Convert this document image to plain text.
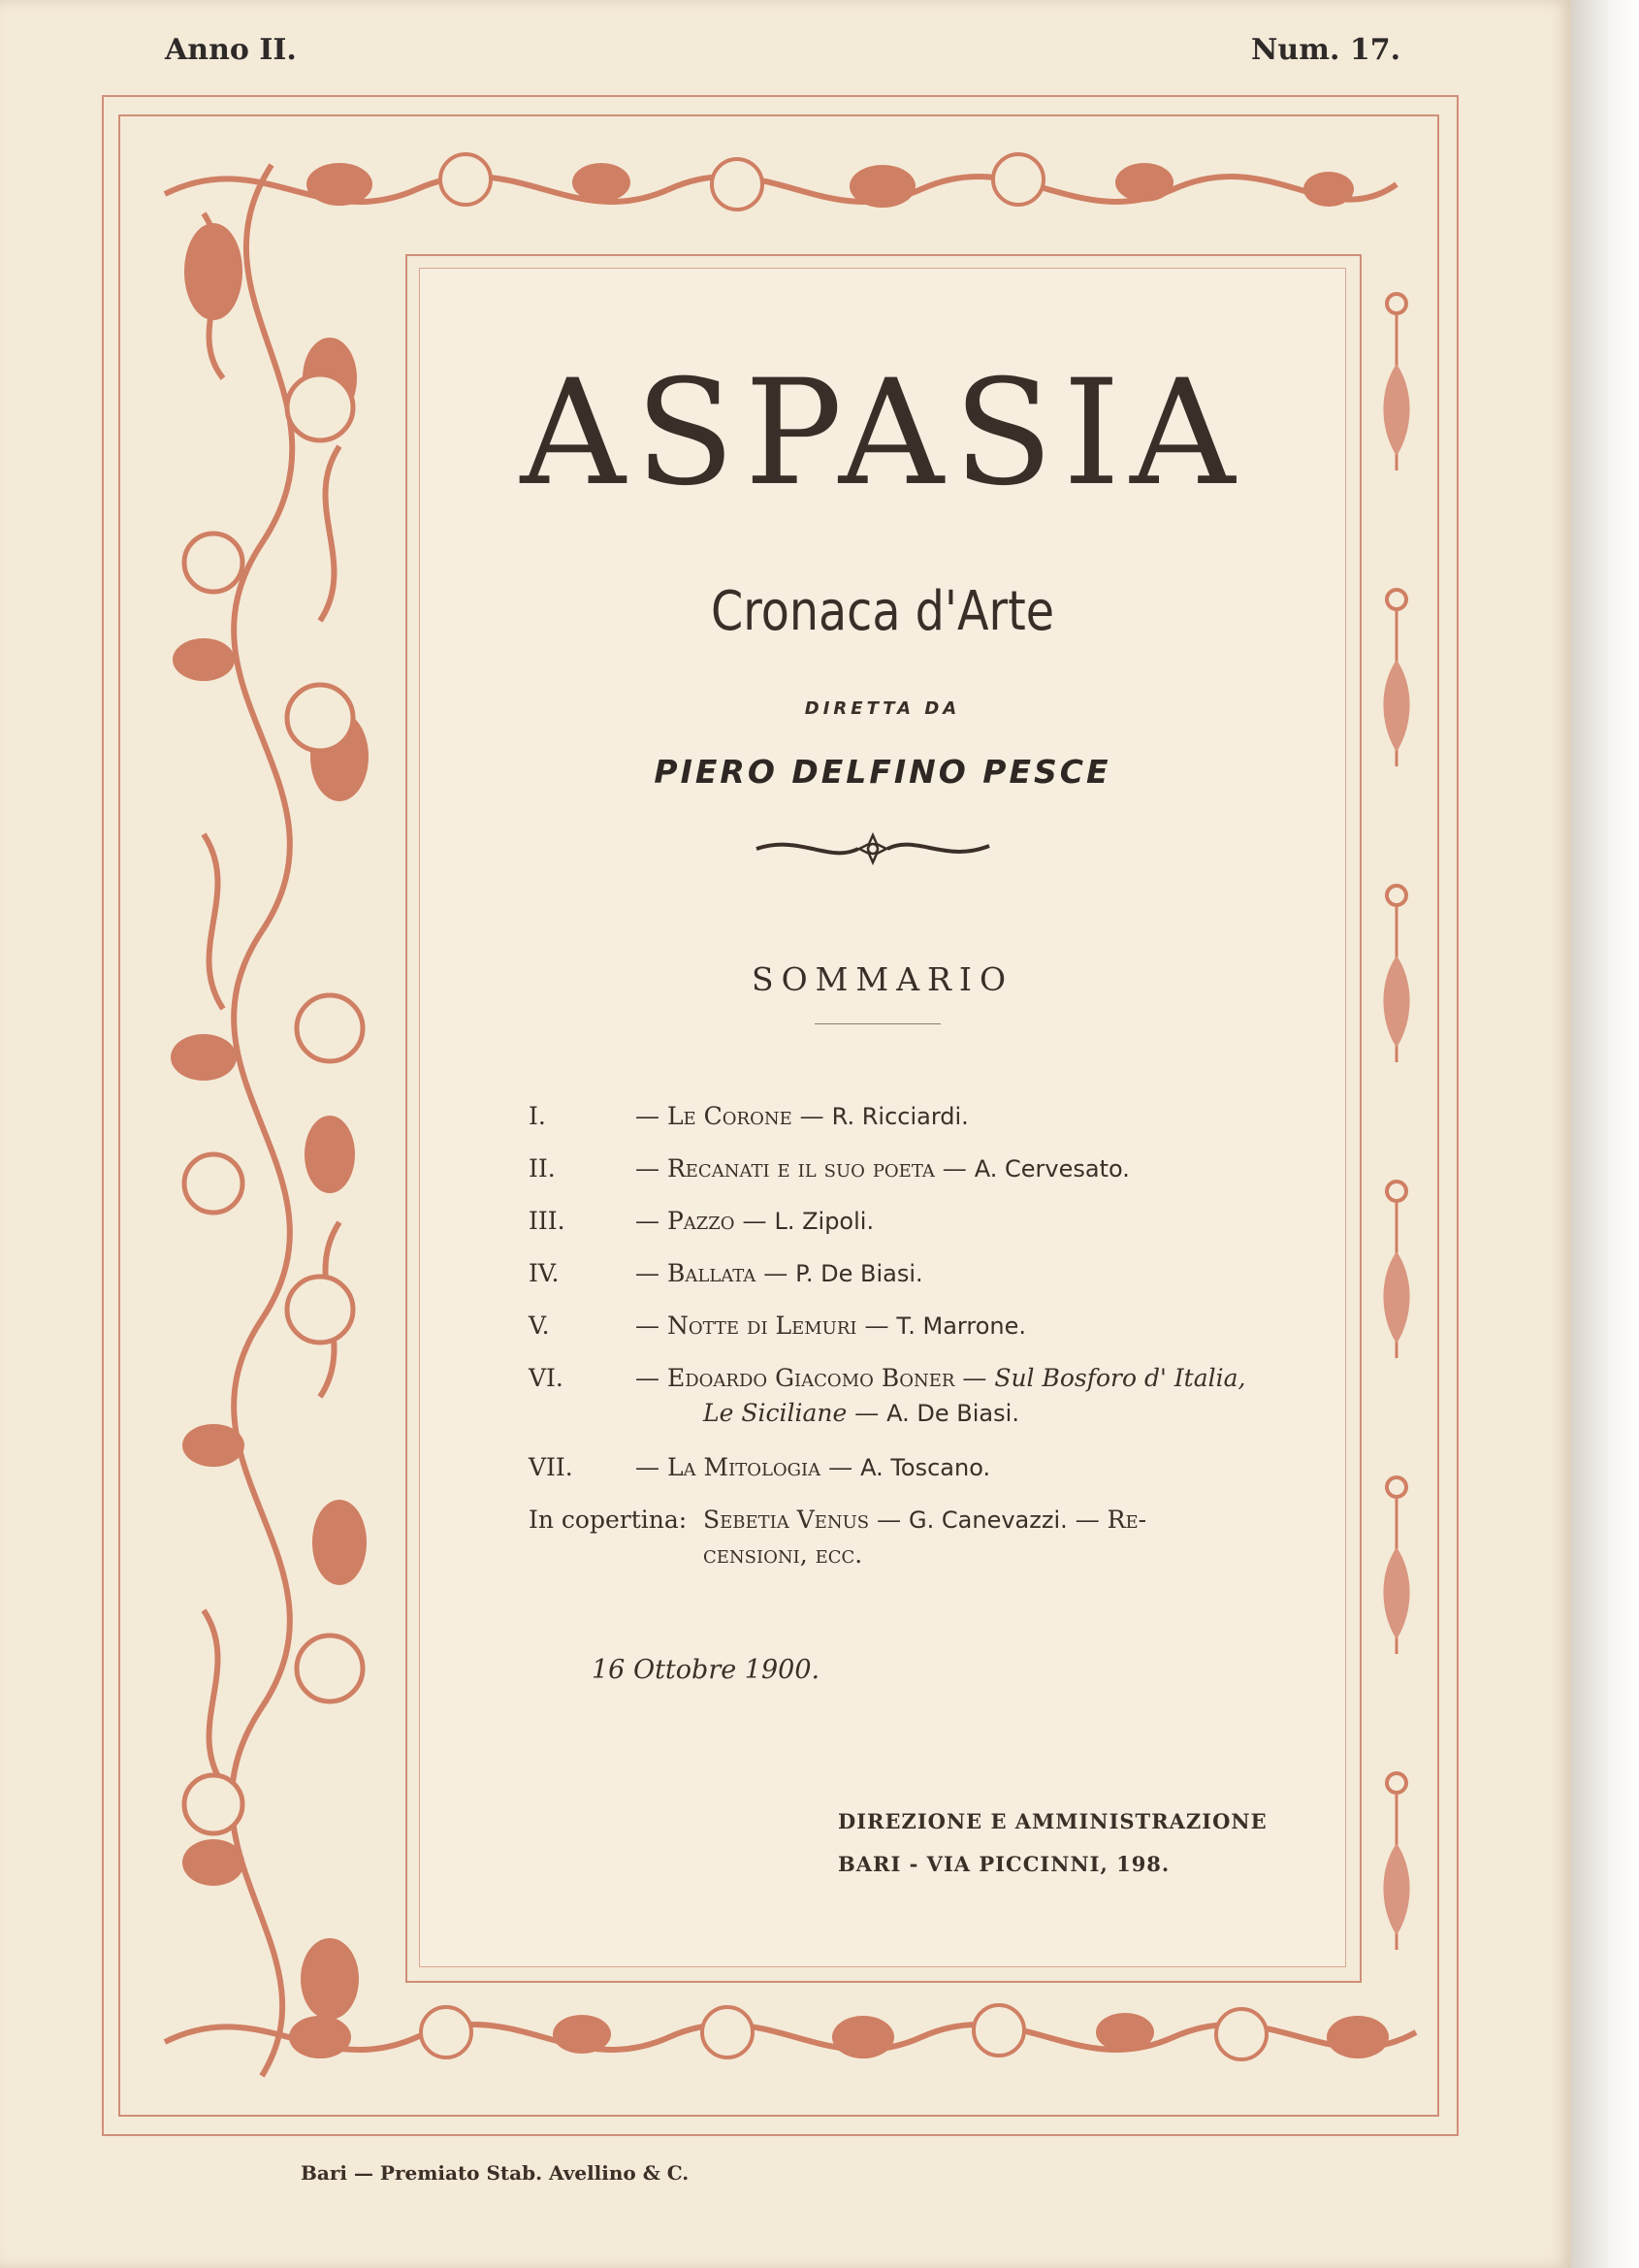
Anno II.	Num. 17.
ASPASIA
Cronaca d'Arte
DIRETTA DA
PIERO DELFINO PESCE
SOMMARIO
I.	— Le Corone — R. Ricciardi.
II.	— Recanati e il suo poeta — A. Cervesato.
III.	— Pazzo — L. Zipoli.
IV.	— Ballata — P. De Biasi.
V.	— Notte di Lemuri — T. Marrone.
VI.	— Edoardo Giacomo Boner — Sul Bosforo d' Italia,
Le Siciliane — A. De Biasi.
VII.	— La Mitologia — A. Toscano.
In copertina: Sebetia Venus — G. Canevazzi. — Re-
censioni, ecc.
16 Ottobre 1900.
DIREZIONE E AMMINISTRAZIONE
BARI - VIA PICCINNI, 198.
Bari — Premiato Stab. Avellino & C.
